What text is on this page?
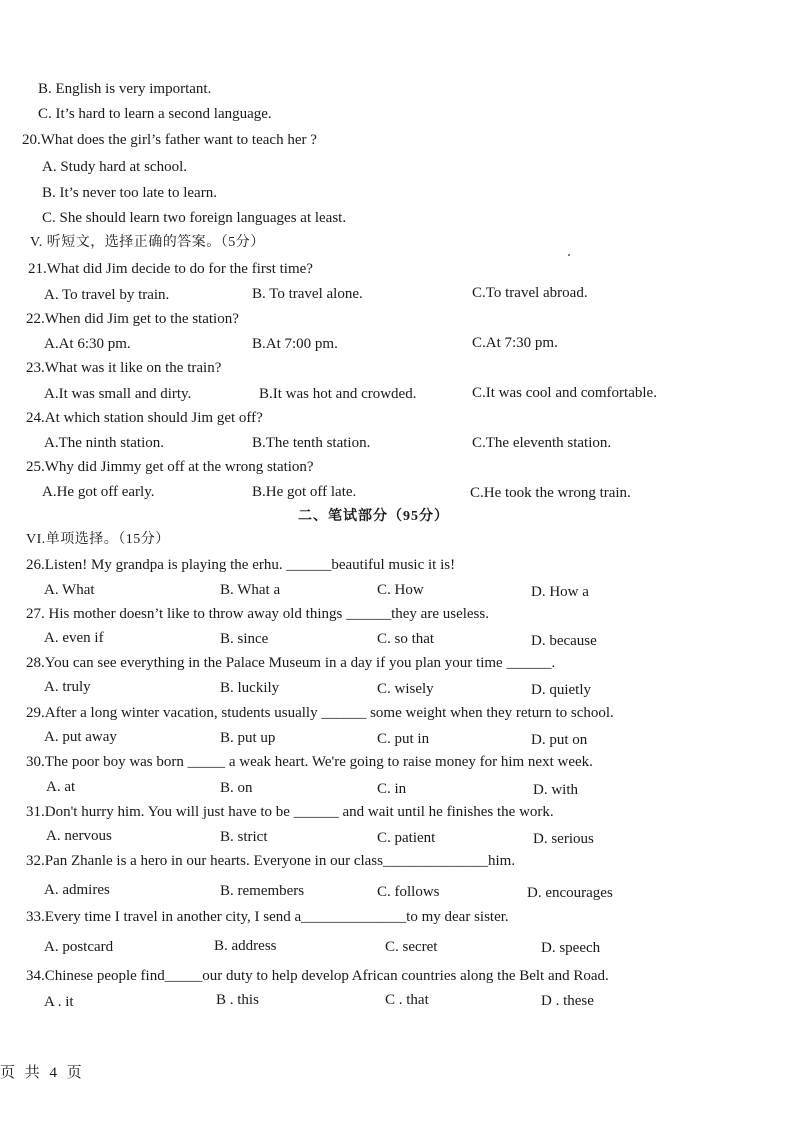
B. English is very important.
C. It’s hard to learn a second language.
20.What does the girl’s father want to teach her ?
A. Study hard at school.
B. It’s never too late to learn.
C. She should learn two foreign languages at least.
V. 听短文，选择正确的答案。（5分）
21.What did Jim decide to do for the first time?
A. To travel by train.	B. To travel alone.	C.To travel abroad.
22.When did Jim get to the station?
A.At 6:30 pm.	B.At 7:00 pm.	C.At 7:30 pm.
23.What was it like on the train?
A.It was small and dirty.	B.It was hot and crowded.	C.It was cool and comfortable.
24.At which station should Jim get off?
A.The ninth station.	B.The tenth station.	C.The eleventh station.
25.Why did Jimmy get off at the wrong station?
A.He got off early.	B.He got off late.	C.He took the wrong train.
二、笔试部分（95分）
VI.单项选择。（15分）
26.Listen! My grandpa is playing the erhu. ______beautiful music it is!
A. What	B. What a	C. How	D. How a
27. His mother doesn’t like to throw away old things ______they are useless.
A. even if	B. since	C. so that	D. because
28.You can see everything in the Palace Museum in a day if you plan your time ______.
A. truly	B. luckily	C. wisely	D. quietly
29.After a long winter vacation, students usually ______ some weight when they return to school.
A. put away	B. put up	C. put in	D. put on
30.The poor boy was born _____ a weak heart. We're going to raise money for him next week.
A. at	B. on	C. in	D. with
31.Don't hurry him. You will just have to be ______ and wait until he finishes the work.
A. nervous	B. strict	C. patient	D. serious
32.Pan Zhanle is a hero in our hearts. Everyone in our class______________him.
A. admires	B. remembers	C. follows	D. encourages
33.Every time I travel in another city, I send a______________to my dear sister.
A. postcard	B. address	C. secret	D. speech
34.Chinese people find_____our duty to help develop African countries along the Belt and Road.
A . it	B . this	C . that	D . these
页 共 4 页
